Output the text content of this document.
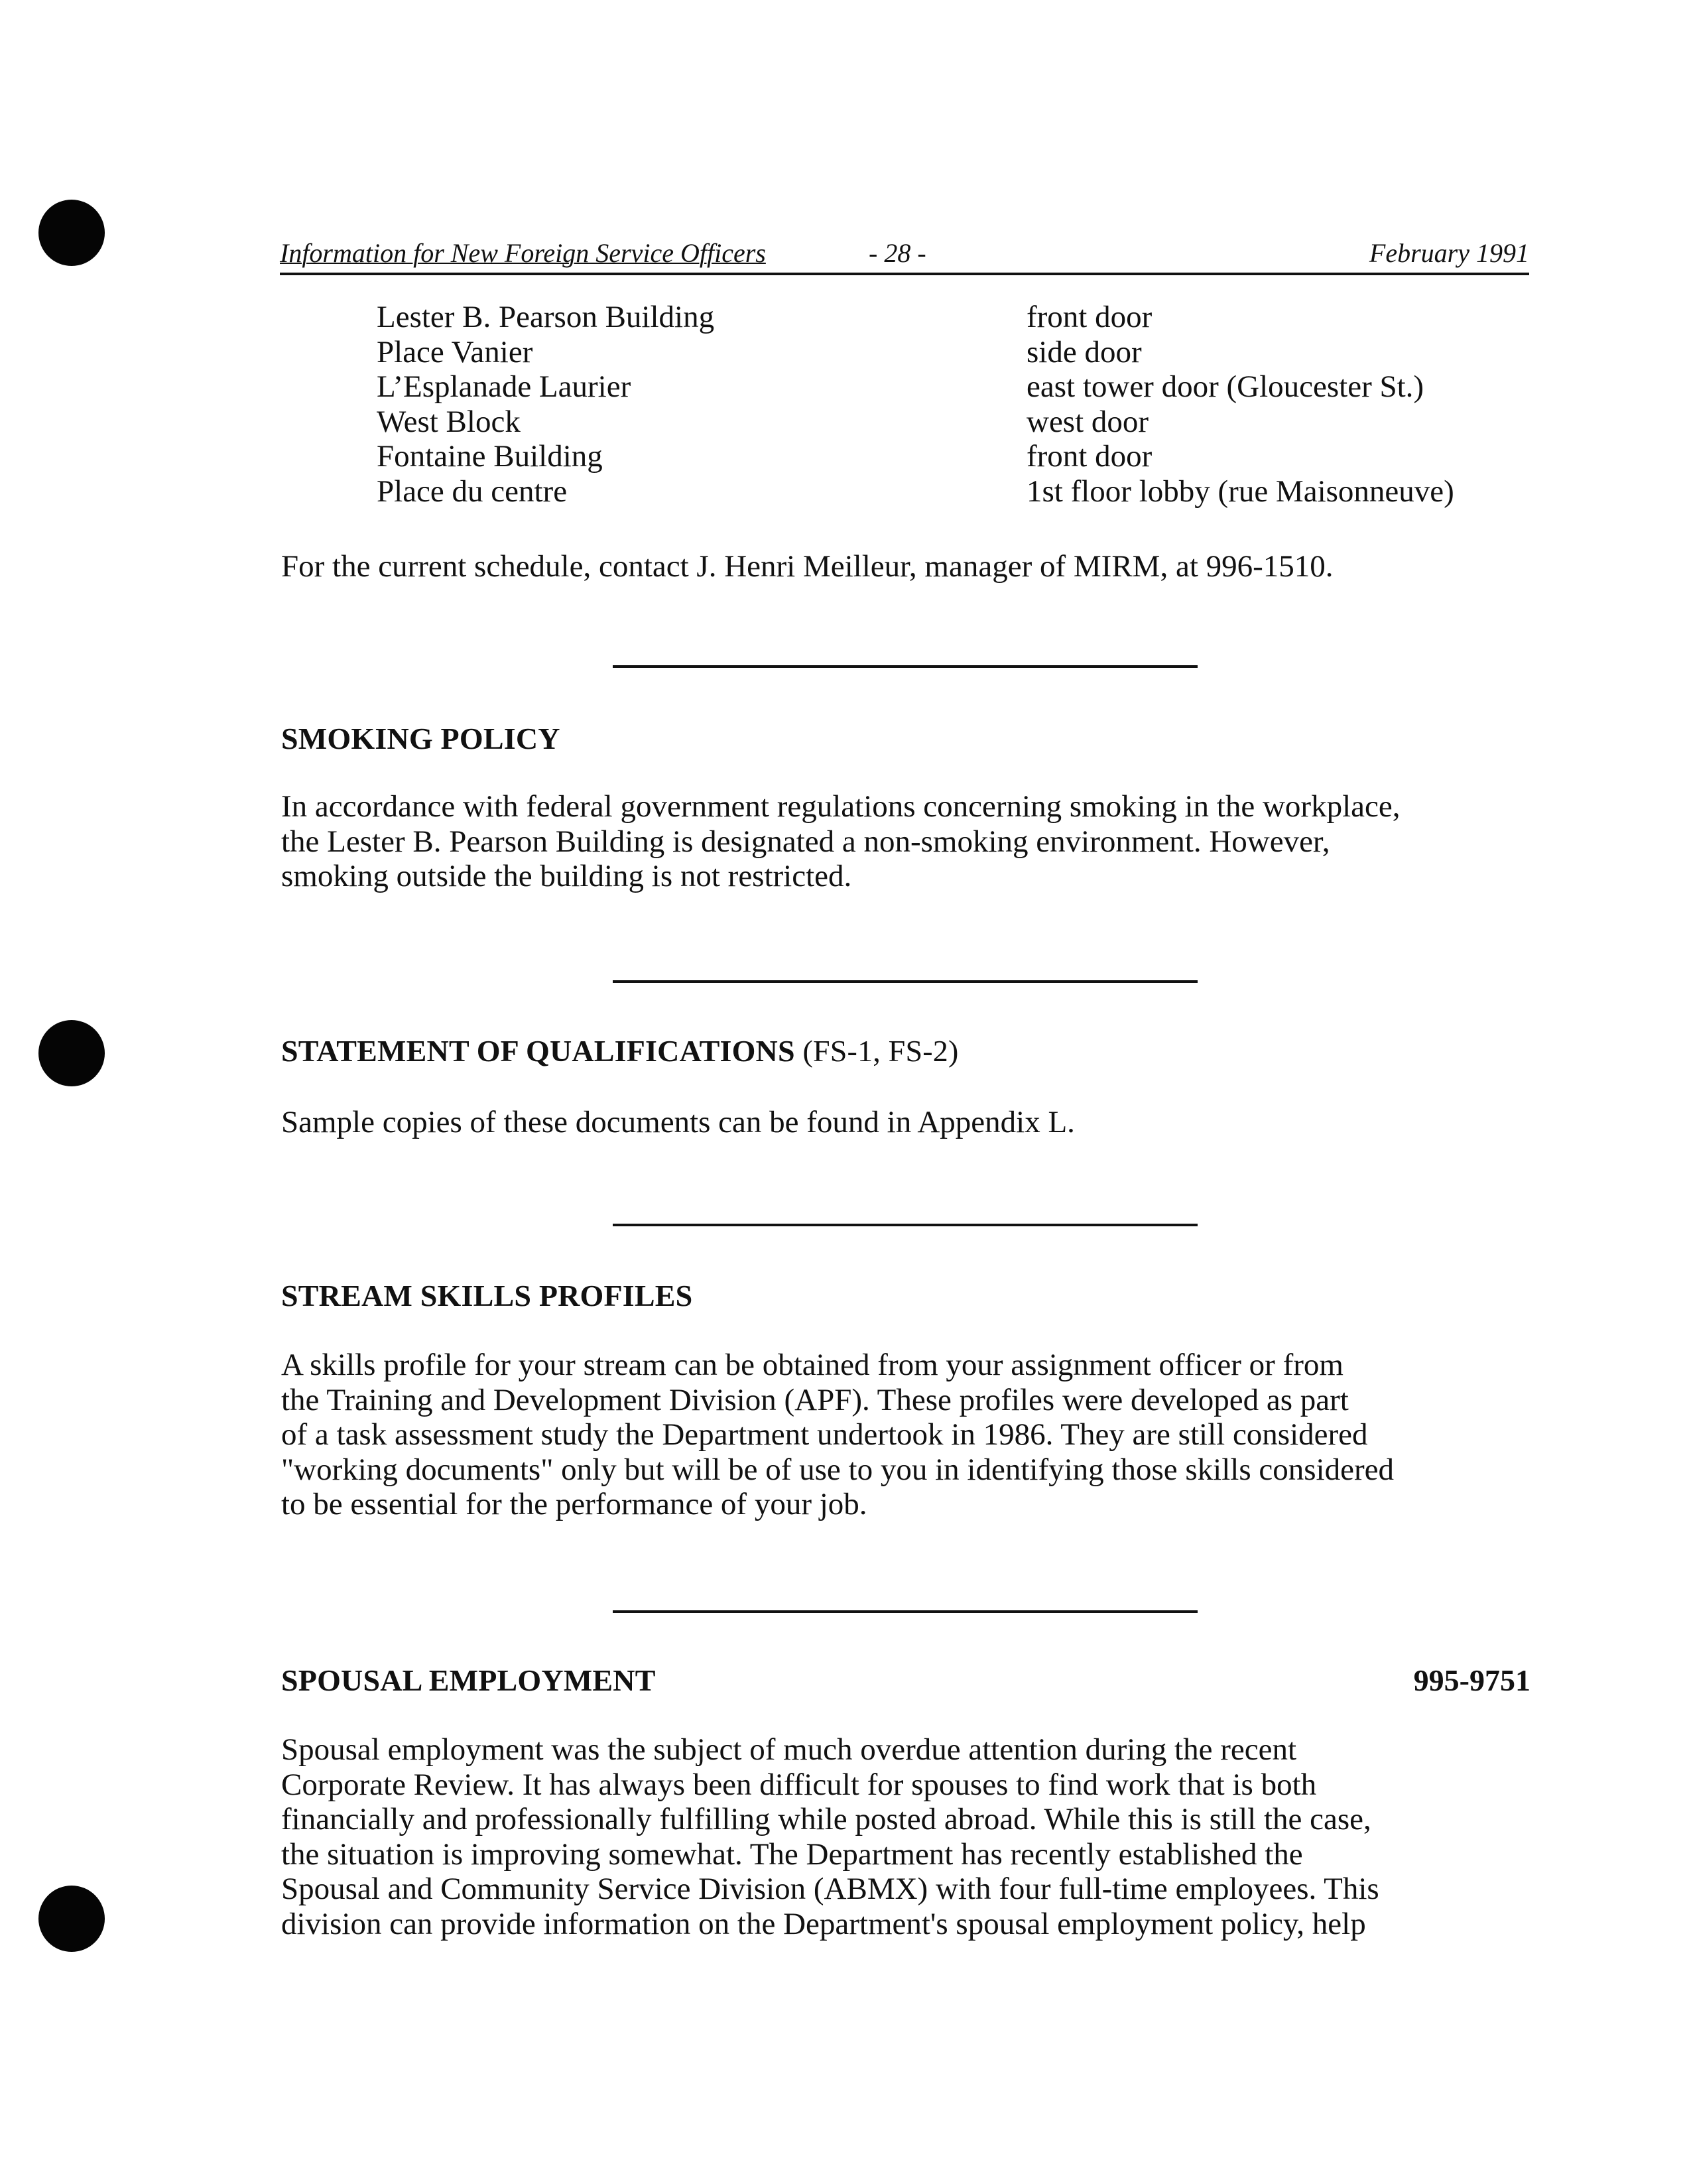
Information for New Foreign Service Officers	- 28 -	February 1991
Lester B. Pearson Building	front door
Place Vanier	side door
L’Esplanade Laurier	east tower door (Gloucester St.)
West Block	west door
Fontaine Building	front door
Place du centre	1st floor lobby (rue Maisonneuve)
For the current schedule, contact J. Henri Meilleur, manager of MIRM, at 996-1510.
SMOKING POLICY
In accordance with federal government regulations concerning smoking in the workplace,
the Lester B. Pearson Building is designated a non-smoking environment. However,
smoking outside the building is not restricted.
STATEMENT OF QUALIFICATIONS (FS-1, FS-2)
Sample copies of these documents can be found in Appendix L.
STREAM SKILLS PROFILES
A skills profile for your stream can be obtained from your assignment officer or from
the Training and Development Division (APF). These profiles were developed as part
of a task assessment study the Department undertook in 1986. They are still considered
"working documents" only but will be of use to you in identifying those skills considered
to be essential for the performance of your job.
SPOUSAL EMPLOYMENT	995-9751
Spousal employment was the subject of much overdue attention during the recent
Corporate Review. It has always been difficult for spouses to find work that is both
financially and professionally fulfilling while posted abroad. While this is still the case,
the situation is improving somewhat. The Department has recently established the
Spousal and Community Service Division (ABMX) with four full-time employees. This
division can provide information on the Department's spousal employment policy, help
